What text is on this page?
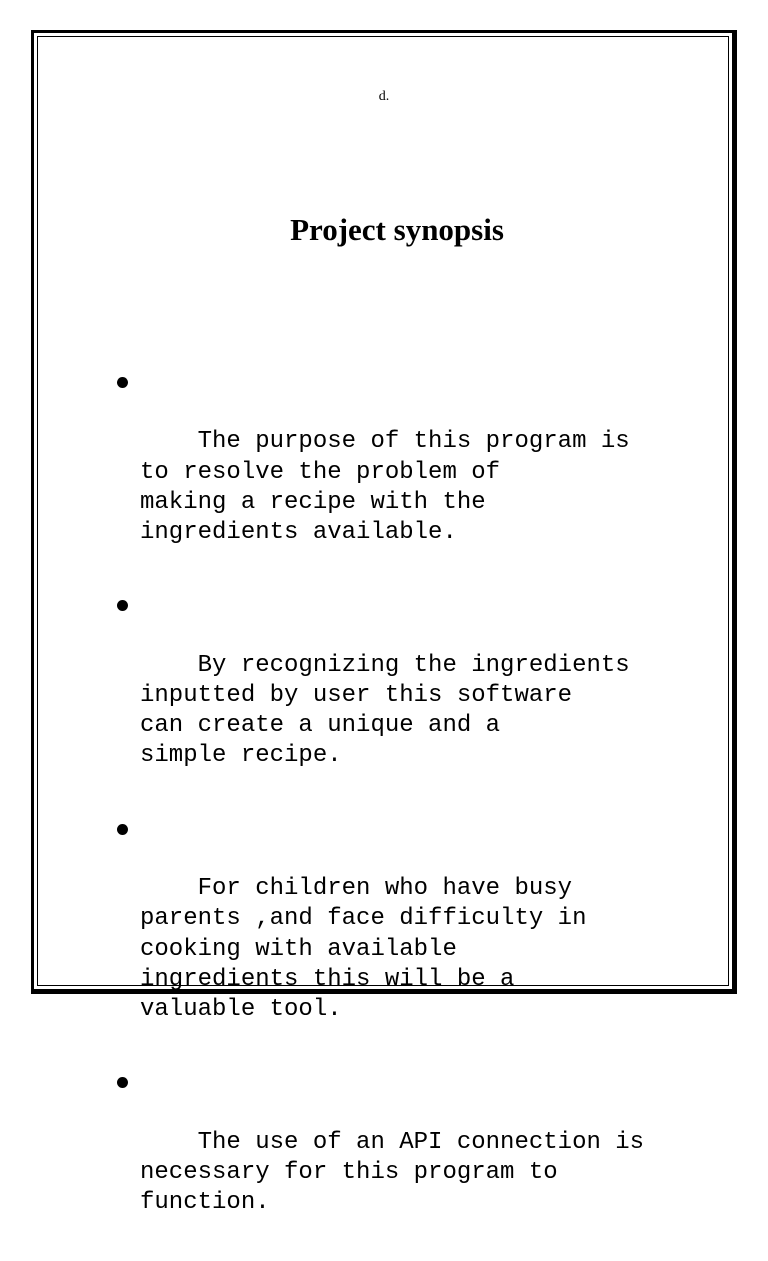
d.
Project synopsis

The purpose of this program is
to resolve the problem of
making a recipe with the
ingredients available.

By recognizing the ingredients
inputted by user this software
can create a unique and a
simple recipe.

For children who have busy
parents ,and face difficulty in
cooking with available
ingredients this will be a
valuable tool.

The use of an API connection is
necessary for this program to
function.
